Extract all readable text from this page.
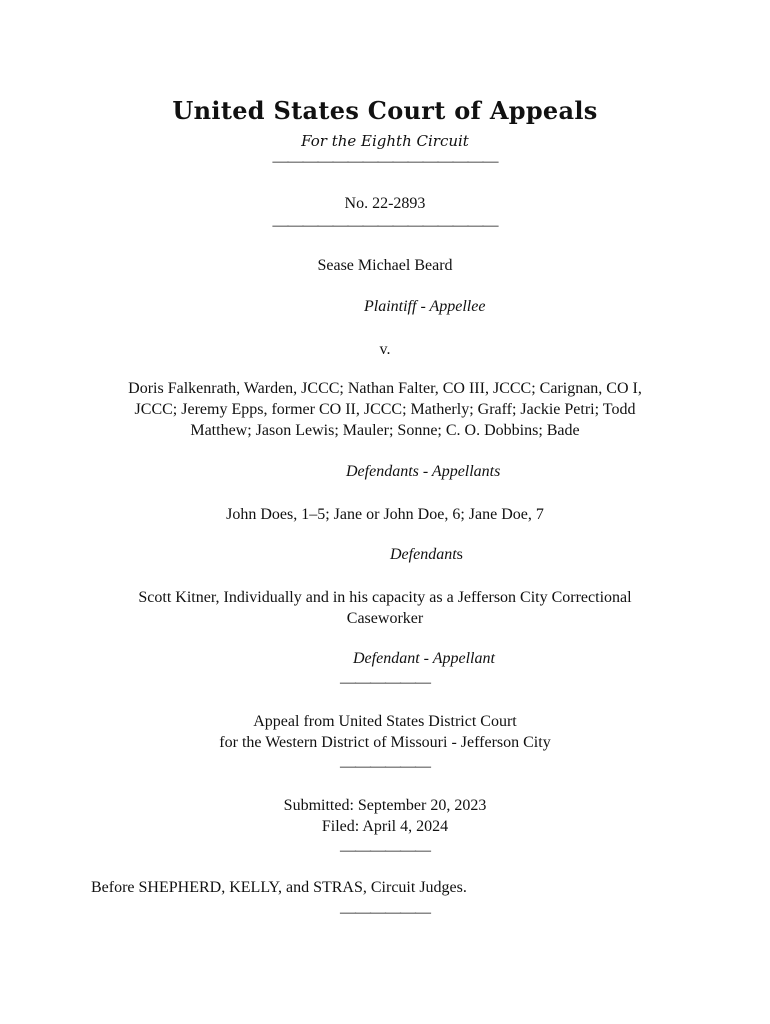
United States Court of Appeals
For the Eighth Circuit
———————————————
No. 22-2893
———————————————
Sease Michael Beard
Plaintiff - Appellee
v.
Doris Falkenrath, Warden, JCCC; Nathan Falter, CO III, JCCC; Carignan, CO I,
JCCC; Jeremy Epps, former CO II, JCCC; Matherly; Graff; Jackie Petri; Todd
Matthew; Jason Lewis; Mauler; Sonne; C. O. Dobbins; Bade
Defendants - Appellants
John Does, 1–5; Jane or John Doe, 6; Jane Doe, 7
Defendants
Scott Kitner, Individually and in his capacity as a Jefferson City Correctional
Caseworker
Defendant - Appellant
——————
Appeal from United States District Court
for the Western District of Missouri - Jefferson City
——————
Submitted: September 20, 2023
Filed: April 4, 2024
——————
Before SHEPHERD, KELLY, and STRAS, Circuit Judges.
——————
